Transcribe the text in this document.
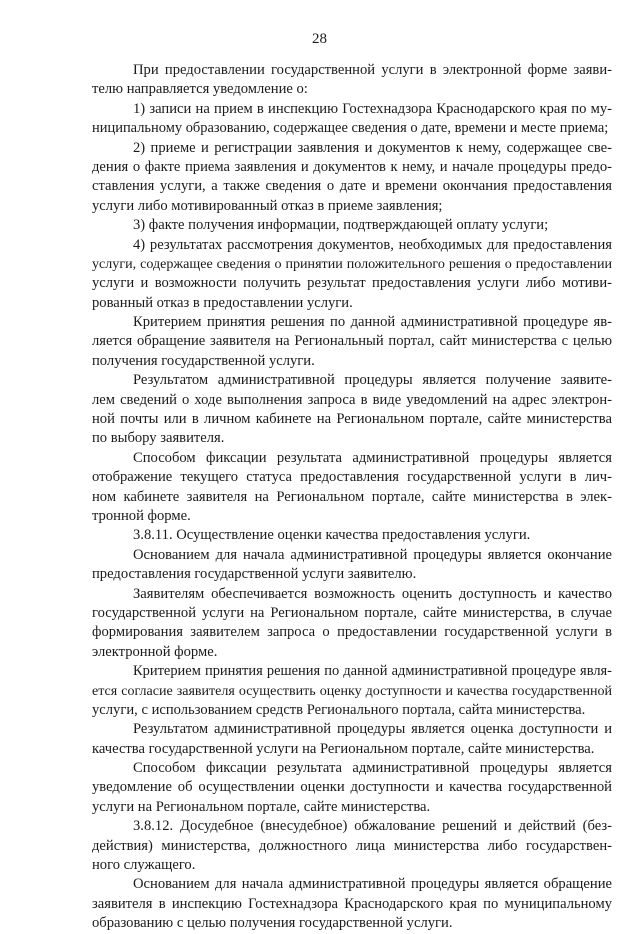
28
При предоставлении государственной услуги в электронной форме заяви-
телю направляется уведомление о:
1) записи на прием в инспекцию Гостехнадзора Краснодарского края по му-
ниципальному образованию, содержащее сведения о дате, времени и месте приема;
2) приеме и регистрации заявления и документов к нему, содержащее све-
дения о факте приема заявления и документов к нему, и начале процедуры предо-
ставления услуги, а также сведения о дате и времени окончания предоставления
услуги либо мотивированный отказ в приеме заявления;
3) факте получения информации, подтверждающей оплату услуги;
4) результатах рассмотрения документов, необходимых для предоставления
услуги, содержащее сведения о принятии положительного решения о предоставлении
услуги и возможности получить результат предоставления услуги либо мотиви-
рованный отказ в предоставлении услуги.
Критерием принятия решения по данной административной процедуре яв-
ляется обращение заявителя на Региональный портал, сайт министерства с целью
получения государственной услуги.
Результатом административной процедуры является получение заявите-
лем сведений о ходе выполнения запроса в виде уведомлений на адрес электрон-
ной почты или в личном кабинете на Региональном портале, сайте министерства
по выбору заявителя.
Способом фиксации результата административной процедуры является
отображение текущего статуса предоставления государственной услуги в лич-
ном кабинете заявителя на Региональном портале, сайте министерства в элек-
тронной форме.
3.8.11. Осуществление оценки качества предоставления услуги.
Основанием для начала административной процедуры является окончание
предоставления государственной услуги заявителю.
Заявителям обеспечивается возможность оценить доступность и качество
государственной услуги на Региональном портале, сайте министерства, в случае
формирования заявителем запроса о предоставлении государственной услуги в
электронной форме.
Критерием принятия решения по данной административной процедуре явля-
ется согласие заявителя осуществить оценку доступности и качества государственной
услуги, с использованием средств Регионального портала, сайта министерства.
Результатом административной процедуры является оценка доступности и
качества государственной услуги на Региональном портале, сайте министерства.
Способом фиксации результата административной процедуры является
уведомление об осуществлении оценки доступности и качества государственной
услуги на Региональном портале, сайте министерства.
3.8.12. Досудебное (внесудебное) обжалование решений и действий (без-
действия) министерства, должностного лица министерства либо государствен-
ного служащего.
Основанием для начала административной процедуры является обращение
заявителя в инспекцию Гостехнадзора Краснодарского края по муниципальному
образованию с целью получения государственной услуги.
